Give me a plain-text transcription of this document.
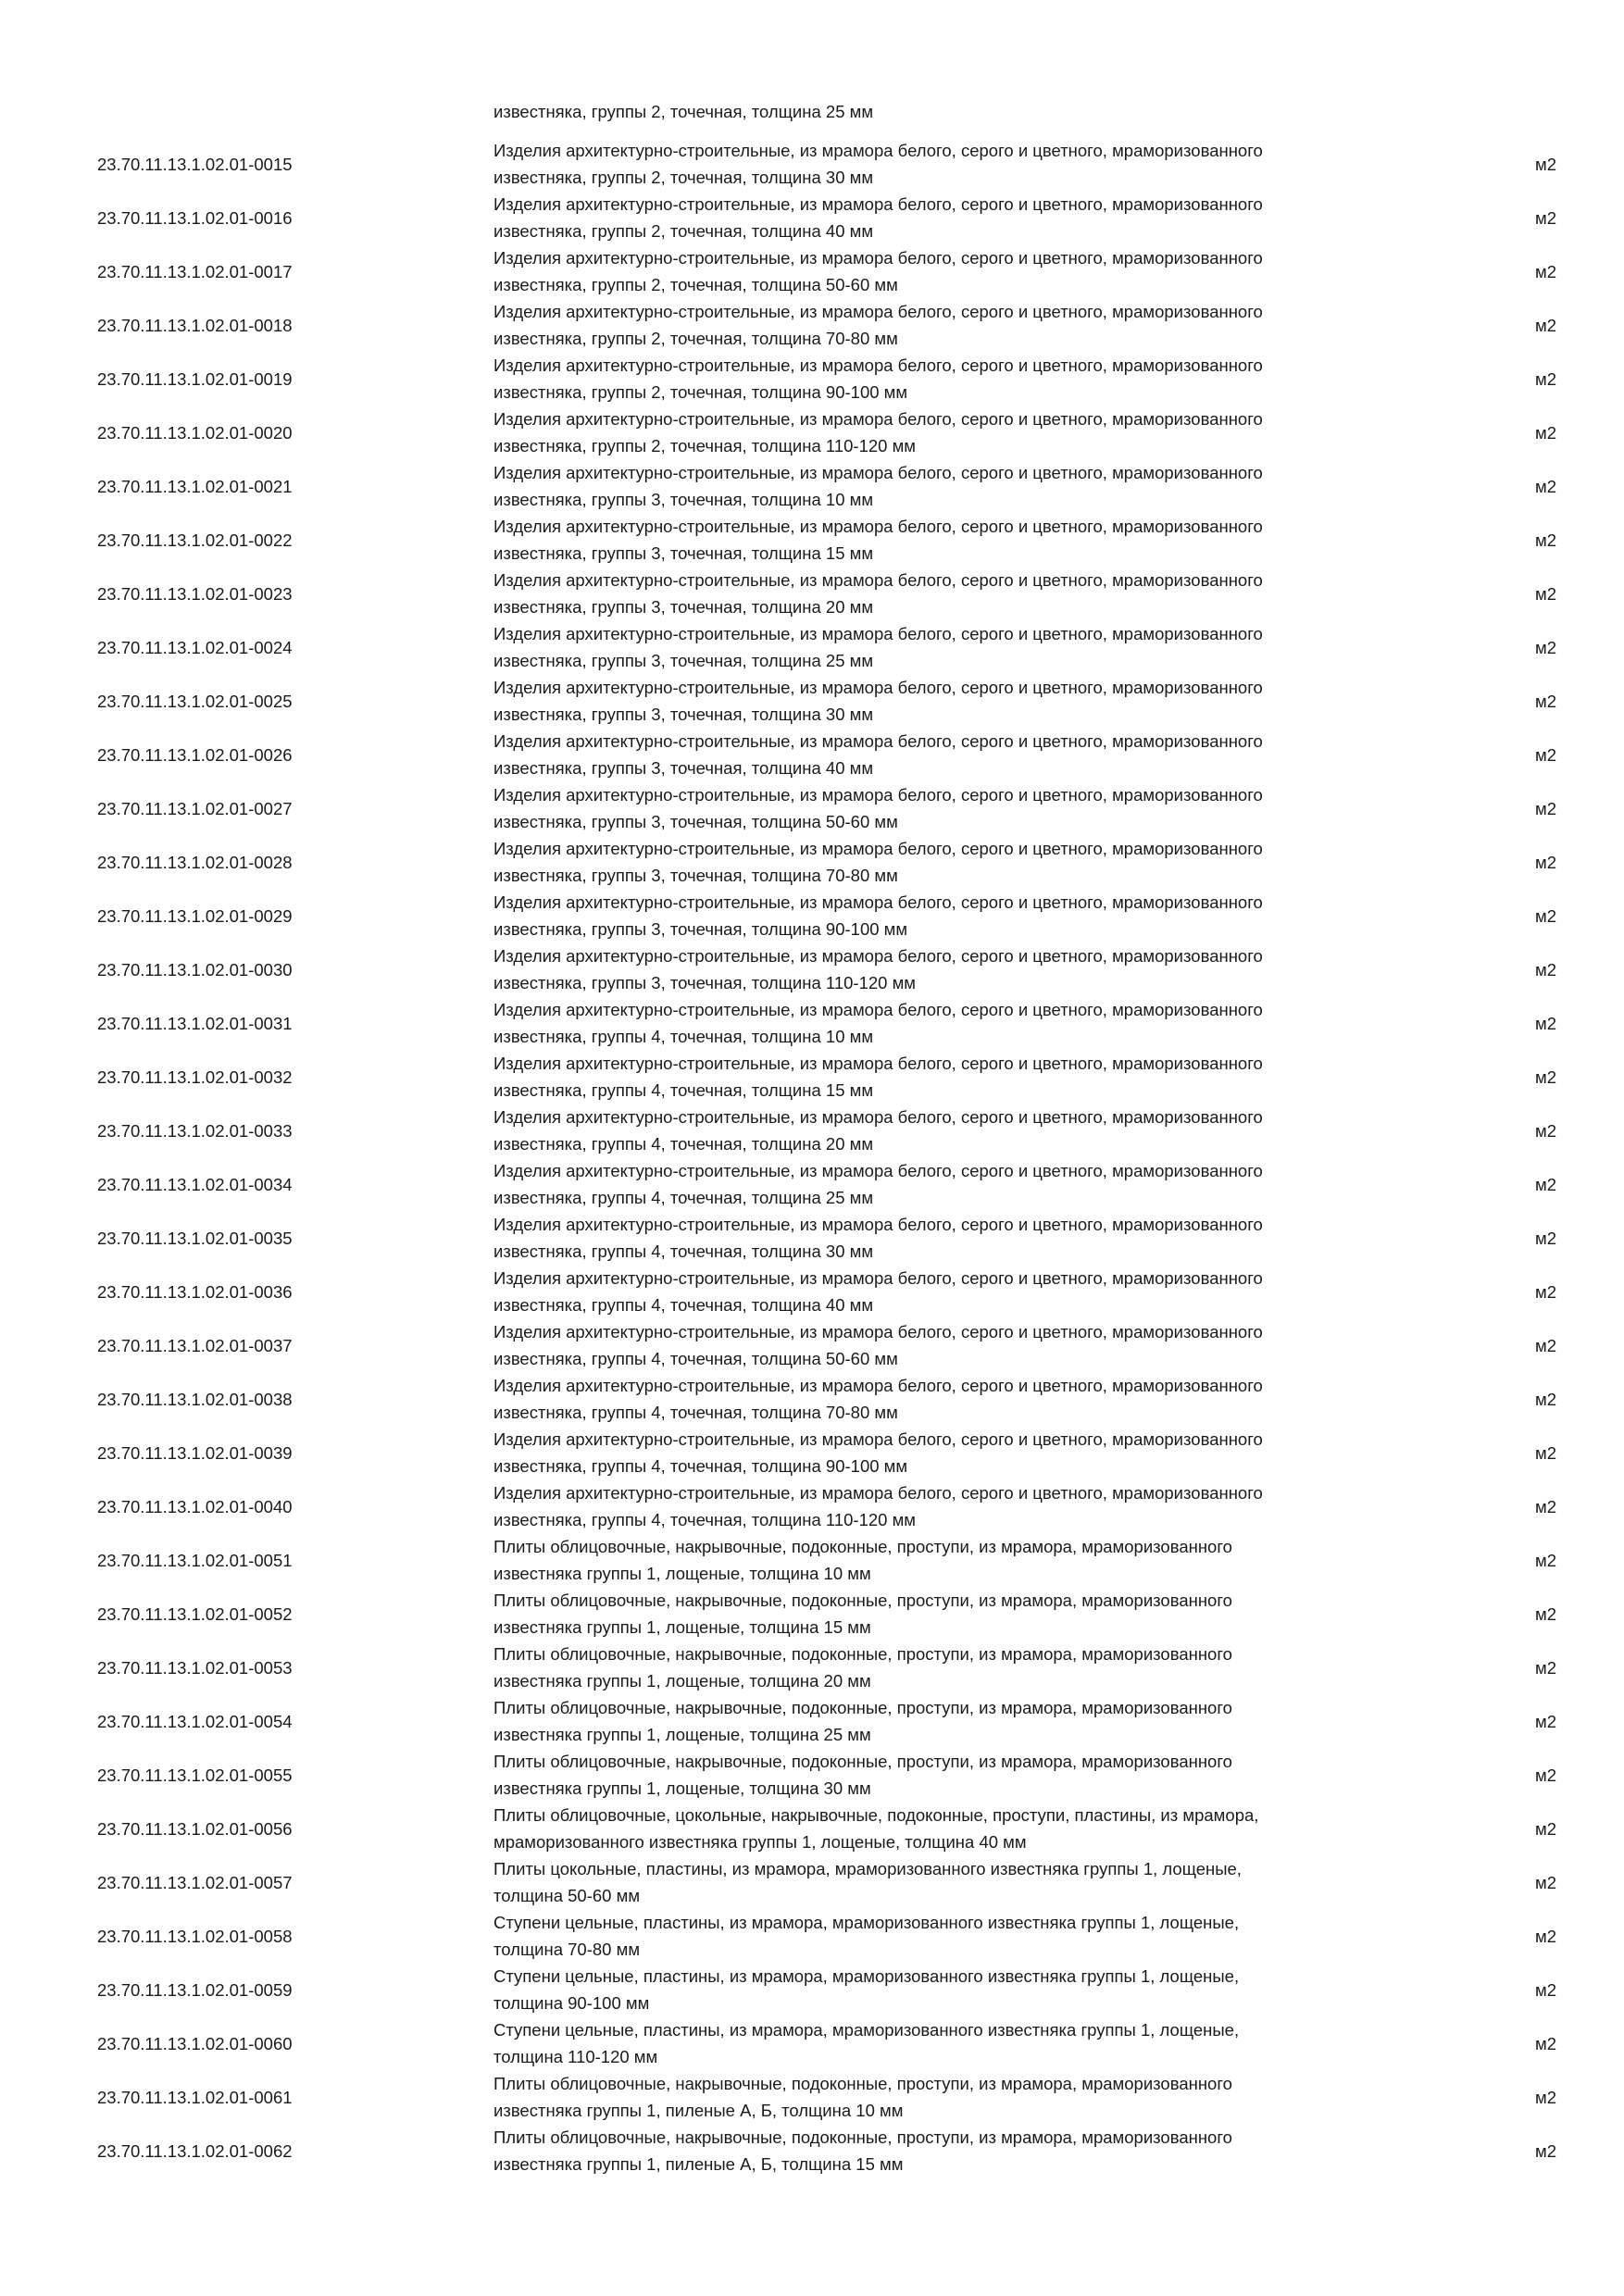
известняка, группы 2, точечная, толщина 25 мм
23.70.11.13.1.02.01-0015
Изделия архитектурно-строительные, из мрамора белого, серого и цветного, мраморизованного
известняка, группы 2, точечная, толщина 30 мм
м2
23.70.11.13.1.02.01-0016
Изделия архитектурно-строительные, из мрамора белого, серого и цветного, мраморизованного
известняка, группы 2, точечная, толщина 40 мм
м2
23.70.11.13.1.02.01-0017
Изделия архитектурно-строительные, из мрамора белого, серого и цветного, мраморизованного
известняка, группы 2, точечная, толщина 50-60 мм
м2
23.70.11.13.1.02.01-0018
Изделия архитектурно-строительные, из мрамора белого, серого и цветного, мраморизованного
известняка, группы 2, точечная, толщина 70-80 мм
м2
23.70.11.13.1.02.01-0019
Изделия архитектурно-строительные, из мрамора белого, серого и цветного, мраморизованного
известняка, группы 2, точечная, толщина 90-100 мм
м2
23.70.11.13.1.02.01-0020
Изделия архитектурно-строительные, из мрамора белого, серого и цветного, мраморизованного
известняка, группы 2, точечная, толщина 110-120 мм
м2
23.70.11.13.1.02.01-0021
Изделия архитектурно-строительные, из мрамора белого, серого и цветного, мраморизованного
известняка, группы 3, точечная, толщина 10 мм
м2
23.70.11.13.1.02.01-0022
Изделия архитектурно-строительные, из мрамора белого, серого и цветного, мраморизованного
известняка, группы 3, точечная, толщина 15 мм
м2
23.70.11.13.1.02.01-0023
Изделия архитектурно-строительные, из мрамора белого, серого и цветного, мраморизованного
известняка, группы 3, точечная, толщина 20 мм
м2
23.70.11.13.1.02.01-0024
Изделия архитектурно-строительные, из мрамора белого, серого и цветного, мраморизованного
известняка, группы 3, точечная, толщина 25 мм
м2
23.70.11.13.1.02.01-0025
Изделия архитектурно-строительные, из мрамора белого, серого и цветного, мраморизованного
известняка, группы 3, точечная, толщина 30 мм
м2
23.70.11.13.1.02.01-0026
Изделия архитектурно-строительные, из мрамора белого, серого и цветного, мраморизованного
известняка, группы 3, точечная, толщина 40 мм
м2
23.70.11.13.1.02.01-0027
Изделия архитектурно-строительные, из мрамора белого, серого и цветного, мраморизованного
известняка, группы 3, точечная, толщина 50-60 мм
м2
23.70.11.13.1.02.01-0028
Изделия архитектурно-строительные, из мрамора белого, серого и цветного, мраморизованного
известняка, группы 3, точечная, толщина 70-80 мм
м2
23.70.11.13.1.02.01-0029
Изделия архитектурно-строительные, из мрамора белого, серого и цветного, мраморизованного
известняка, группы 3, точечная, толщина 90-100 мм
м2
23.70.11.13.1.02.01-0030
Изделия архитектурно-строительные, из мрамора белого, серого и цветного, мраморизованного
известняка, группы 3, точечная, толщина 110-120 мм
м2
23.70.11.13.1.02.01-0031
Изделия архитектурно-строительные, из мрамора белого, серого и цветного, мраморизованного
известняка, группы 4, точечная, толщина 10 мм
м2
23.70.11.13.1.02.01-0032
Изделия архитектурно-строительные, из мрамора белого, серого и цветного, мраморизованного
известняка, группы 4, точечная, толщина 15 мм
м2
23.70.11.13.1.02.01-0033
Изделия архитектурно-строительные, из мрамора белого, серого и цветного, мраморизованного
известняка, группы 4, точечная, толщина 20 мм
м2
23.70.11.13.1.02.01-0034
Изделия архитектурно-строительные, из мрамора белого, серого и цветного, мраморизованного
известняка, группы 4, точечная, толщина 25 мм
м2
23.70.11.13.1.02.01-0035
Изделия архитектурно-строительные, из мрамора белого, серого и цветного, мраморизованного
известняка, группы 4, точечная, толщина 30 мм
м2
23.70.11.13.1.02.01-0036
Изделия архитектурно-строительные, из мрамора белого, серого и цветного, мраморизованного
известняка, группы 4, точечная, толщина 40 мм
м2
23.70.11.13.1.02.01-0037
Изделия архитектурно-строительные, из мрамора белого, серого и цветного, мраморизованного
известняка, группы 4, точечная, толщина 50-60 мм
м2
23.70.11.13.1.02.01-0038
Изделия архитектурно-строительные, из мрамора белого, серого и цветного, мраморизованного
известняка, группы 4, точечная, толщина 70-80 мм
м2
23.70.11.13.1.02.01-0039
Изделия архитектурно-строительные, из мрамора белого, серого и цветного, мраморизованного
известняка, группы 4, точечная, толщина 90-100 мм
м2
23.70.11.13.1.02.01-0040
Изделия архитектурно-строительные, из мрамора белого, серого и цветного, мраморизованного
известняка, группы 4, точечная, толщина 110-120 мм
м2
23.70.11.13.1.02.01-0051
Плиты облицовочные, накрывочные, подоконные, проступи, из мрамора, мраморизованного
известняка группы 1, лощеные, толщина 10 мм
м2
23.70.11.13.1.02.01-0052
Плиты облицовочные, накрывочные, подоконные, проступи, из мрамора, мраморизованного
известняка группы 1, лощеные, толщина 15 мм
м2
23.70.11.13.1.02.01-0053
Плиты облицовочные, накрывочные, подоконные, проступи, из мрамора, мраморизованного
известняка группы 1, лощеные, толщина 20 мм
м2
23.70.11.13.1.02.01-0054
Плиты облицовочные, накрывочные, подоконные, проступи, из мрамора, мраморизованного
известняка группы 1, лощеные, толщина 25 мм
м2
23.70.11.13.1.02.01-0055
Плиты облицовочные, накрывочные, подоконные, проступи, из мрамора, мраморизованного
известняка группы 1, лощеные, толщина 30 мм
м2
23.70.11.13.1.02.01-0056
Плиты облицовочные, цокольные, накрывочные, подоконные, проступи, пластины, из мрамора,
мраморизованного известняка группы 1, лощеные, толщина 40 мм
м2
23.70.11.13.1.02.01-0057
Плиты цокольные, пластины, из мрамора, мраморизованного известняка группы 1, лощеные,
толщина 50-60 мм
м2
23.70.11.13.1.02.01-0058
Ступени цельные, пластины, из мрамора, мраморизованного известняка группы 1, лощеные,
толщина 70-80 мм
м2
23.70.11.13.1.02.01-0059
Ступени цельные, пластины, из мрамора, мраморизованного известняка группы 1, лощеные,
толщина 90-100 мм
м2
23.70.11.13.1.02.01-0060
Ступени цельные, пластины, из мрамора, мраморизованного известняка группы 1, лощеные,
толщина 110-120 мм
м2
23.70.11.13.1.02.01-0061
Плиты облицовочные, накрывочные, подоконные, проступи, из мрамора, мраморизованного
известняка группы 1, пиленые А, Б, толщина 10 мм
м2
23.70.11.13.1.02.01-0062
Плиты облицовочные, накрывочные, подоконные, проступи, из мрамора, мраморизованного
известняка группы 1, пиленые А, Б, толщина 15 мм
м2
